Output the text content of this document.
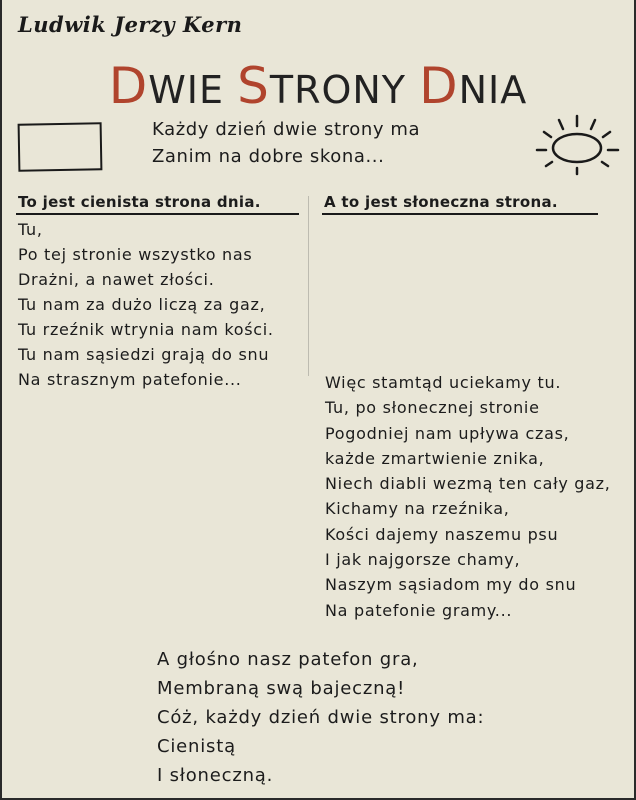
Ludwik Jerzy Kern
DWIE STRONY DNIA
Każdy dzień dwie strony ma
Zanim na dobre skona...
To jest cienista strona dnia.	A to jest słoneczna strona.
Tu,
Po tej stronie wszystko nas
Drażni, a nawet złości.
Tu nam za dużo liczą za gaz,
Tu rzeźnik wtrynia nam kości.
Tu nam sąsiedzi grają do snu
Na strasznym patefonie...	Więc stamtąd uciekamy tu.
Tu, po słonecznej stronie
Pogodniej nam upływa czas,
każde zmartwienie znika,
Niech diabli wezmą ten cały gaz,
Kichamy na rzeźnika,
Kości dajemy naszemu psu
I jak najgorsze chamy,
Naszym sąsiadom my do snu
Na patefonie gramy...
A głośno nasz patefon gra,
Membraną swą bajeczną!
Cóż, każdy dzień dwie strony ma:
Cienistą
I słoneczną.
